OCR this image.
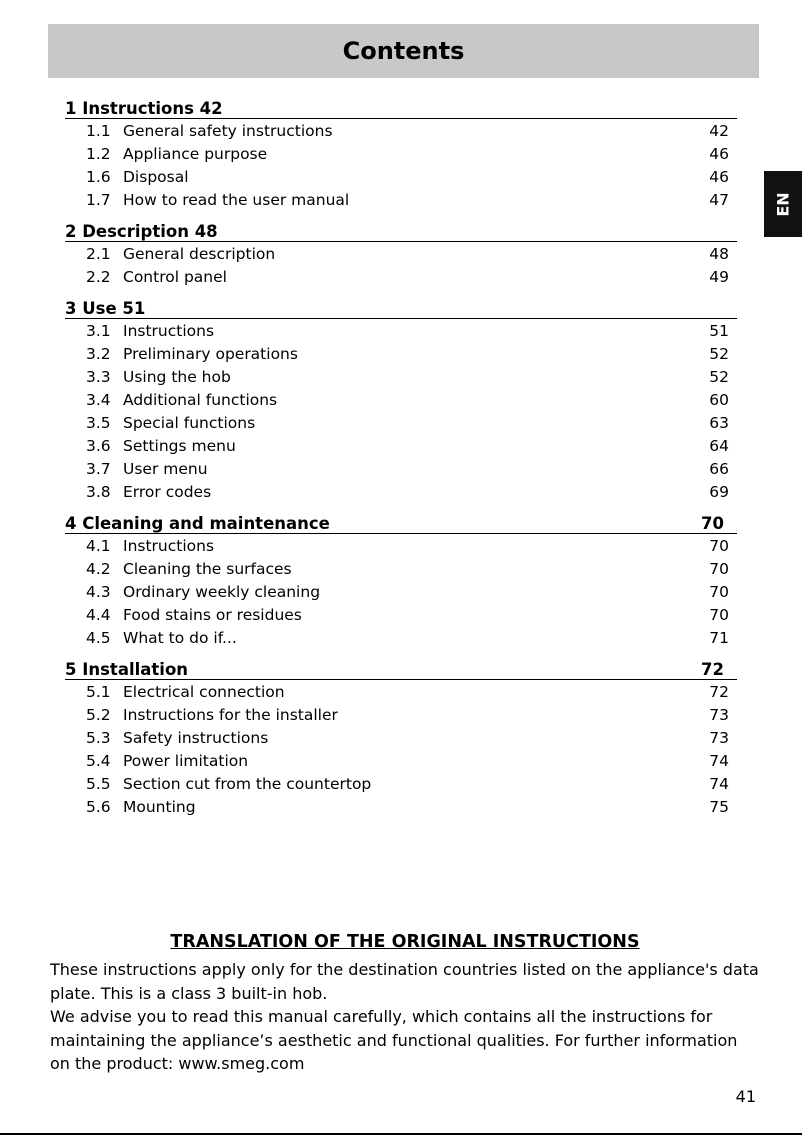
Contents
EN
1 Instructions 42
1.1 General safety instructions	42
1.2 Appliance purpose	46
1.6 Disposal	46
1.7 How to read the user manual	47
2 Description 48
2.1 General description	48
2.2 Control panel	49
3 Use 51
3.1 Instructions	51
3.2 Preliminary operations	52
3.3 Using the hob	52
3.4 Additional functions	60
3.5 Special functions	63
3.6 Settings menu	64
3.7 User menu	66
3.8 Error codes	69
4 Cleaning and maintenance	70
4.1 Instructions	70
4.2 Cleaning the surfaces	70
4.3 Ordinary weekly cleaning	70
4.4 Food stains or residues	70
4.5 What to do if...	71
5 Installation	72
5.1 Electrical connection	72
5.2 Instructions for the installer	73
5.3 Safety instructions	73
5.4 Power limitation	74
5.5 Section cut from the countertop	74
5.6 Mounting	75
TRANSLATION OF THE ORIGINAL INSTRUCTIONS

These instructions apply only for the destination countries listed on the appliance's data plate. This is a class 3 built-in hob.

We advise you to read this manual carefully, which contains all the instructions for maintaining the appliance’s aesthetic and functional qualities. For further information on the product: www.smeg.com

41
